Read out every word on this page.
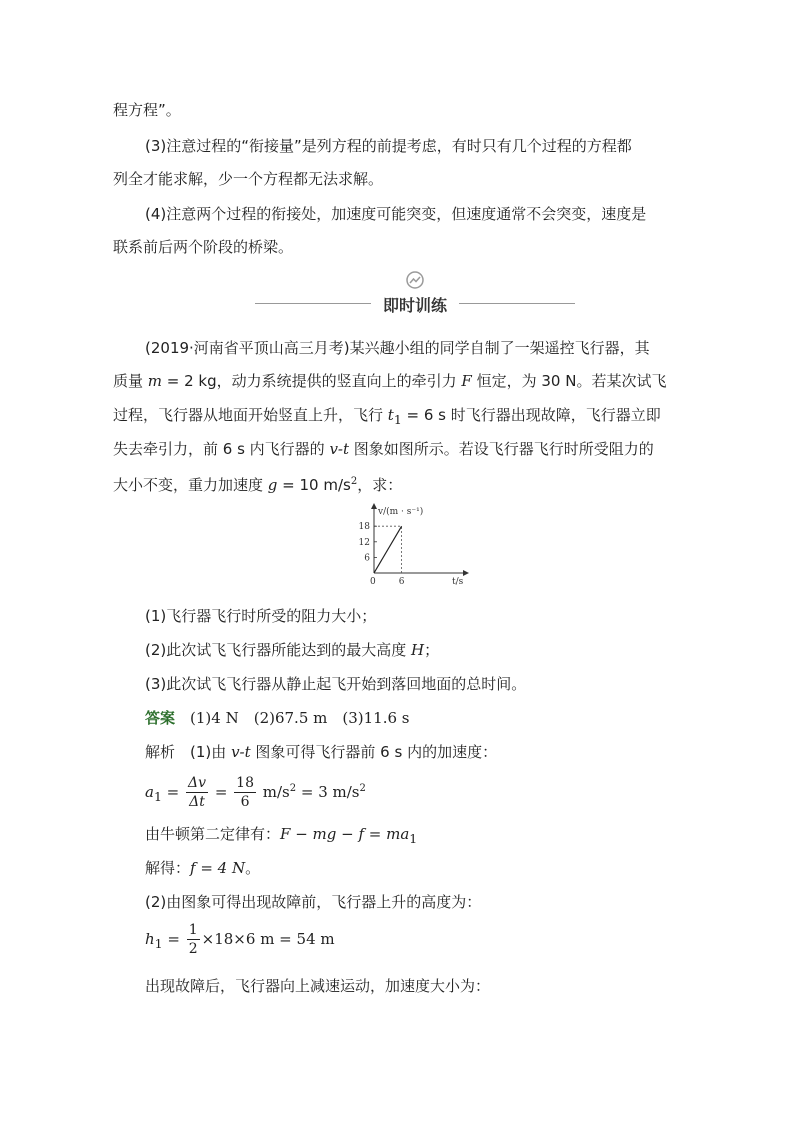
程方程”。
(3)注意过程的“衔接量”是列方程的前提考虑，有时只有几个过程的方程都
列全才能求解，少一个方程都无法求解。
(4)注意两个过程的衔接处，加速度可能突变，但速度通常不会突变，速度是
联系前后两个阶段的桥梁。
即时训练
(2019·河南省平顶山高三月考)某兴趣小组的同学自制了一架遥控飞行器，其
质量 m = 2 kg，动力系统提供的竖直向上的牵引力 F 恒定，为 30 N。若某次试飞
过程，飞行器从地面开始竖直上升，飞行 $t_1 = 6$ s 时飞行器出现故障，飞行器立即
失去牵引力，前 6 s 内飞行器的 v-t 图象如图所示。若设飞行器飞行时所受阻力的
大小不变，重力加速度 g = 10 $m/s^2$，求：
v/(m · s⁻¹)
t/s
0
6
12
18
6
(1)飞行器飞行时所受的阻力大小；
(2)此次试飞飞行器所能达到的最大高度 H；
(3)此次试飞飞行器从静止起飞开始到落回地面的总时间。
答案　 (1)4 N　(2)67.5 m　(3)11.6 s
解析　 (1)由 v-t 图象可得飞行器前 6 s 内的加速度：
$a_1 = \frac{\Delta v}{\Delta t} = \frac{18}{6} m/s^2 = 3$ $m/s^2$
由牛顿第二定律有：F − mg − $f = ma_1$
解得：f = 4 N。
(2)由图象可得出现故障前，飞行器上升的高度为：
$h_1 = \frac{1}{2} \times 18\times 6$ m = 54 m
出现故障后，飞行器向上减速运动，加速度大小为：
